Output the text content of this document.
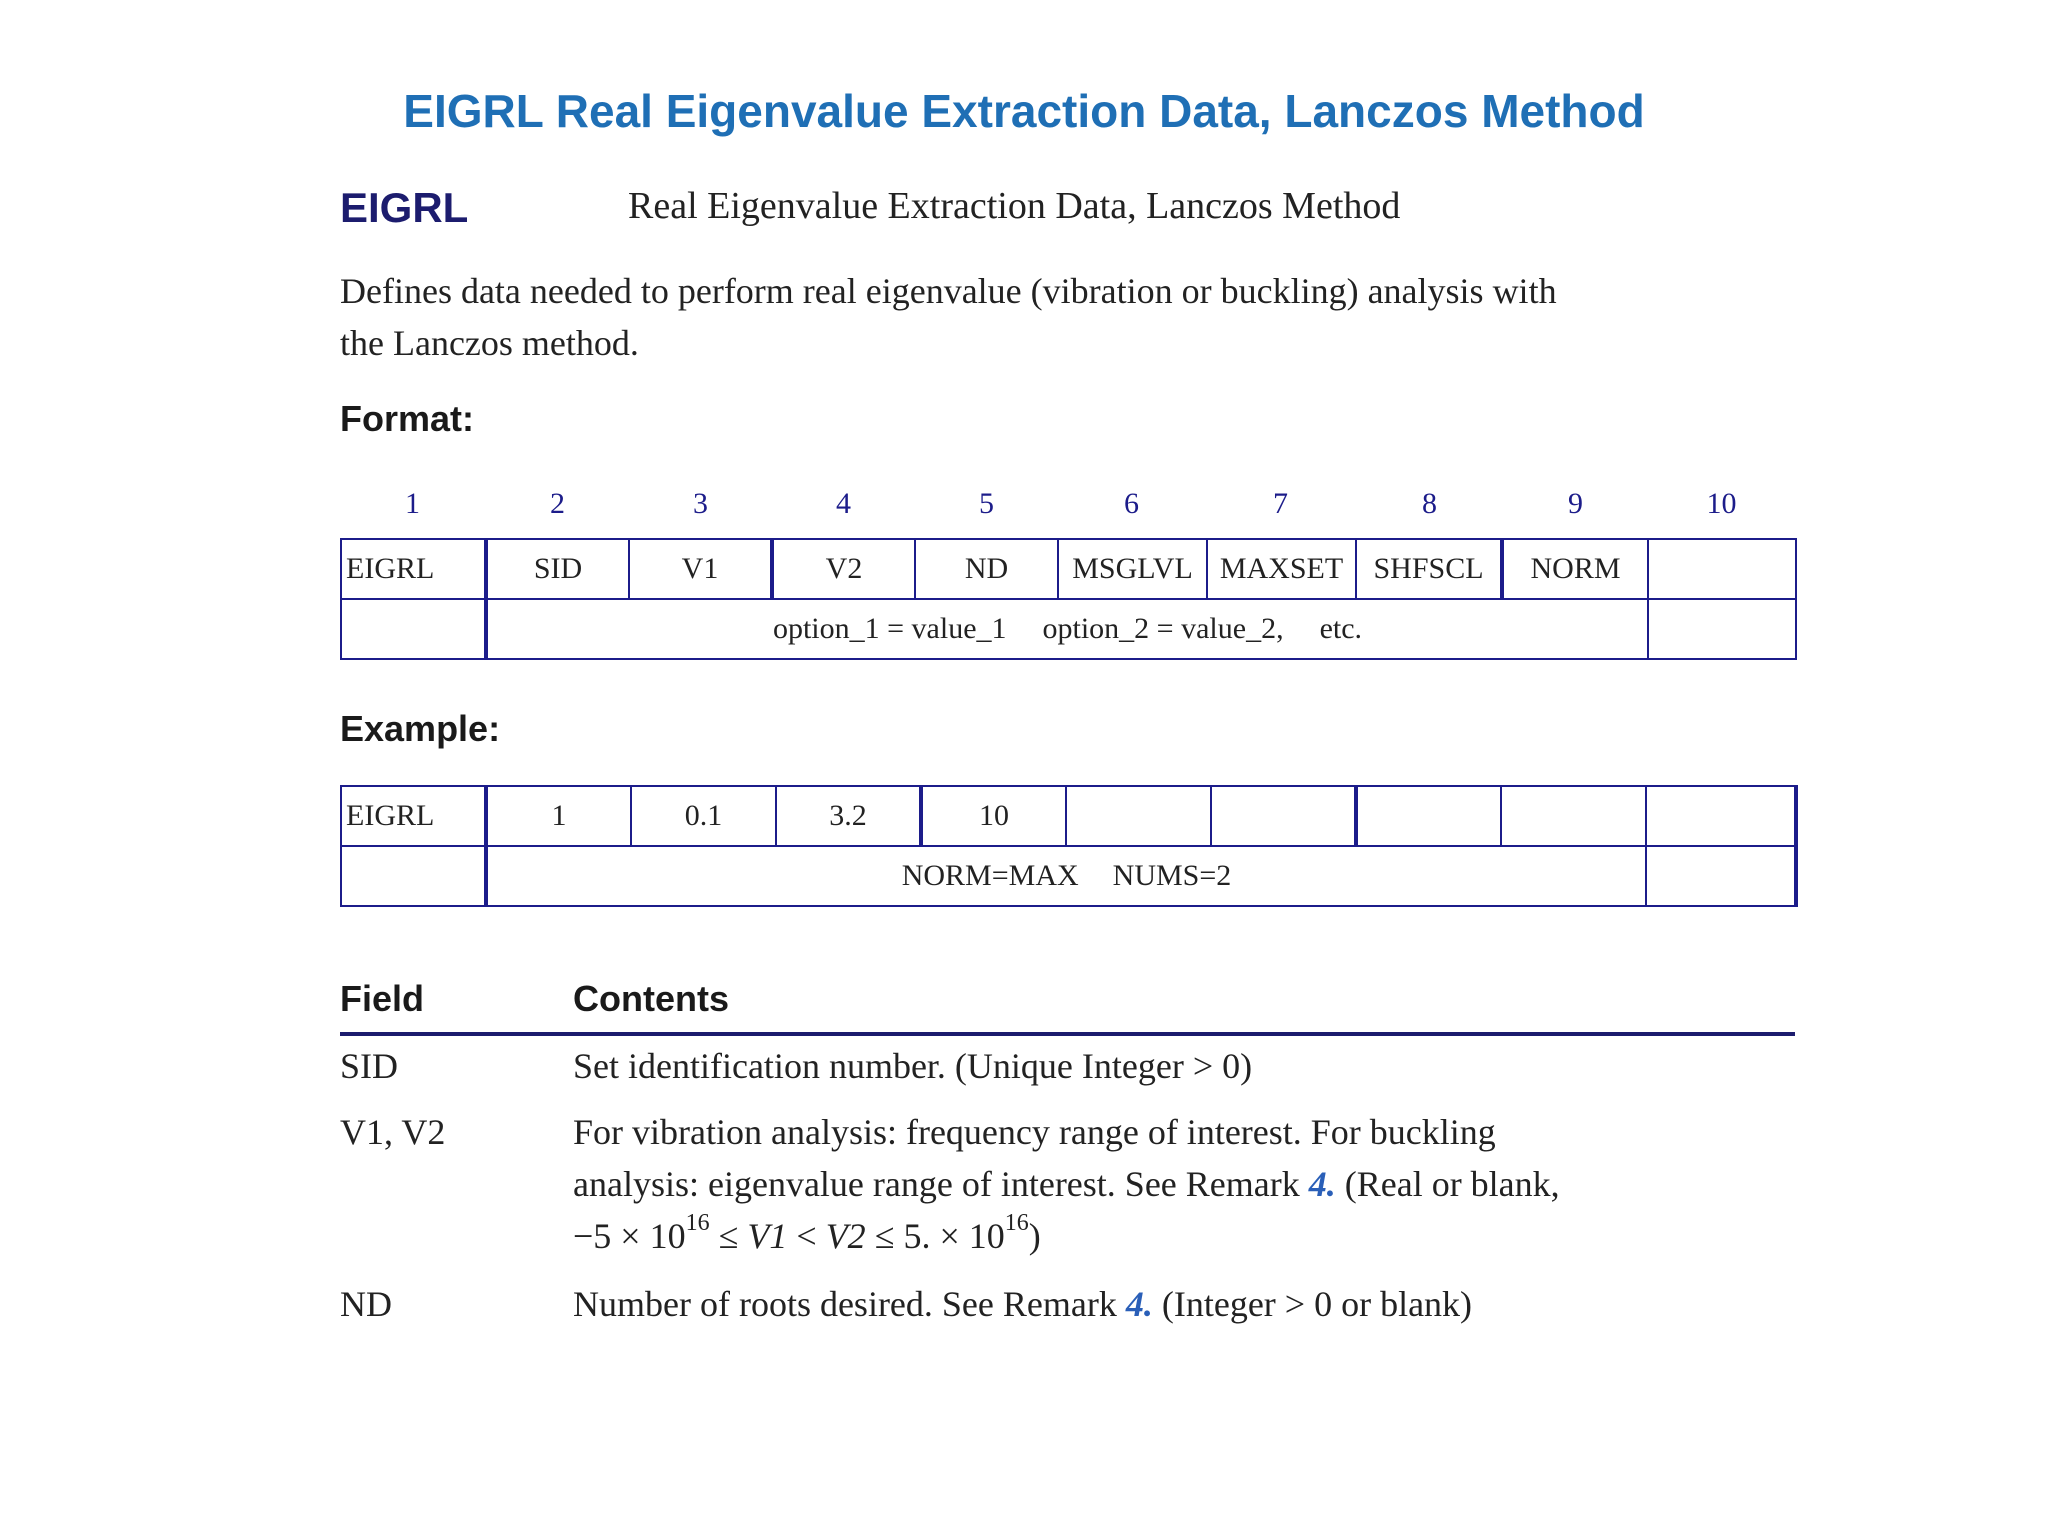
EIGRL Real Eigenvalue Extraction Data, Lanczos Method
EIGRL	Real Eigenvalue Extraction Data, Lanczos Method
Defines data needed to perform real eigenvalue (vibration or buckling) analysis with
the Lanczos method.
Format:
1	2	3	4	5	6	7	8	9	10
EIGRL	SID	V1	V2	ND	MSGLVL	MAXSET	SHFSCL	NORM	
	option_1 = value_1 option_2 = value_2, etc.								
Example:
EIGRL	1	0.1	3.2	10					
	NORM=MAX NUMS=2								
Field	Contents
SID	Set identification number. (Unique Integer > 0)
V1, V2	For vibration analysis: frequency range of interest. For buckling
analysis: eigenvalue range of interest. See Remark 4. (Real or blank,
$-5 \times 10^{16} \le V1 < V2 \le 5$. × $10^{16}$)
ND	Number of roots desired. See Remark 4. (Integer > 0 or blank)
